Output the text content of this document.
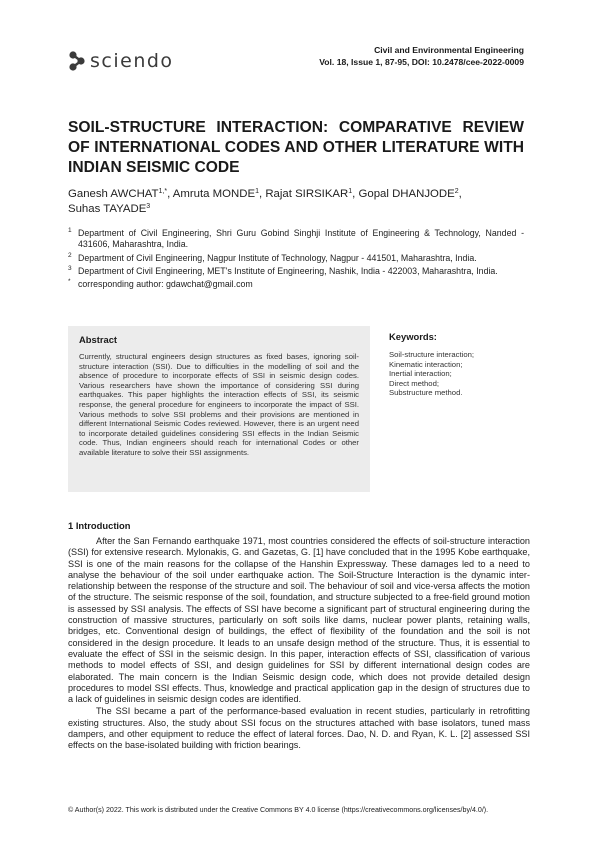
sciendo	Civil and Environmental Engineering
Vol. 18, Issue 1, 87-95, DOI: 10.2478/cee-2022-0009
SOIL-STRUCTURE INTERACTION: COMPARATIVE REVIEW OF INTERNATIONAL CODES AND OTHER LITERATURE WITH INDIAN SEISMIC CODE
Ganesh $AWCHAT^{1,*}$, Amruta MONDE$^1$, Rajat SIRSIKAR$^1$, Gopal DHANJODE$^2$,
Suhas TAYADE$^3$
1 Department of Civil Engineering, Shri Guru Gobind Singhji Institute of Engineering & Technology, Nanded - 431606, Maharashtra, India.
2 Department of Civil Engineering, Nagpur Institute of Technology, Nagpur - 441501, Maharashtra, India.
3 Department of Civil Engineering, MET's Institute of Engineering, Nashik, India - 422003, Maharashtra, India.
* corresponding author: gdawchat@gmail.com
Abstract
Currently, structural engineers design structures as fixed bases, ignoring soil-structure interaction (SSI). Due to difficulties in the modelling of soil and the absence of procedure to incorporate effects of SSI in seismic design codes. Various researchers have shown the importance of considering SSI during earthquakes. This paper highlights the interaction effects of SSI, its seismic response, the general procedure for engineers to incorporate the impact of SSI. Various methods to solve SSI problems and their provisions are mentioned in different International Seismic Codes reviewed. However, there is an urgent need to incorporate detailed guidelines considering SSI effects in the Indian Seismic code. Thus, Indian engineers should reach for international Codes or other available literature to solve their SSI assignments.
Keywords:
Soil-structure interaction;
Kinematic interaction;
Inertial interaction;
Direct method;
Substructure method.
1 Introduction

After the San Fernando earthquake 1971, most countries considered the effects of soil-structure interaction (SSI) for extensive research. Mylonakis, G. and Gazetas, G. [1] have concluded that in the 1995 Kobe earthquake, SSI is one of the main reasons for the collapse of the Hanshin Expressway. These damages led to a need to analyse the behaviour of the soil under earthquake action. The Soil-Structure Interaction is the dynamic inter-relationship between the response of the structure and soil. The behaviour of soil and vice-versa affects the motion of the structure. The seismic response of the soil, foundation, and structure subjected to a free-field ground motion is assessed by SSI analysis. The effects of SSI have become a significant part of structural engineering during the construction of massive structures, particularly on soft soils like dams, nuclear power plants, retaining walls, bridges, etc. Conventional design of buildings, the effect of flexibility of the foundation and the soil is not considered in the design procedure. It leads to an unsafe design method of the structure. Thus, it is essential to evaluate the effect of SSI in the seismic design. In this paper, interaction effects of SSI, classification of various methods to model effects of SSI, and design guidelines for SSI by different international design codes are elaborated. The main concern is the Indian Seismic design code, which does not provide detailed design procedures to model SSI effects. Thus, knowledge and practical application gap in the design of structures due to a lack of guidelines in seismic design codes are identified.

The SSI became a part of the performance-based evaluation in recent studies, particularly in retrofitting existing structures. Also, the study about SSI focus on the structures attached with base isolators, tuned mass dampers, and other equipment to reduce the effect of lateral forces. Dao, N. D. and Ryan, K. L. [2] assessed SSI effects on the base-isolated building with friction bearings.

© Author(s) 2022. This work is distributed under the Creative Commons BY 4.0 license (https://creativecommons.org/licenses/by/4.0/).
